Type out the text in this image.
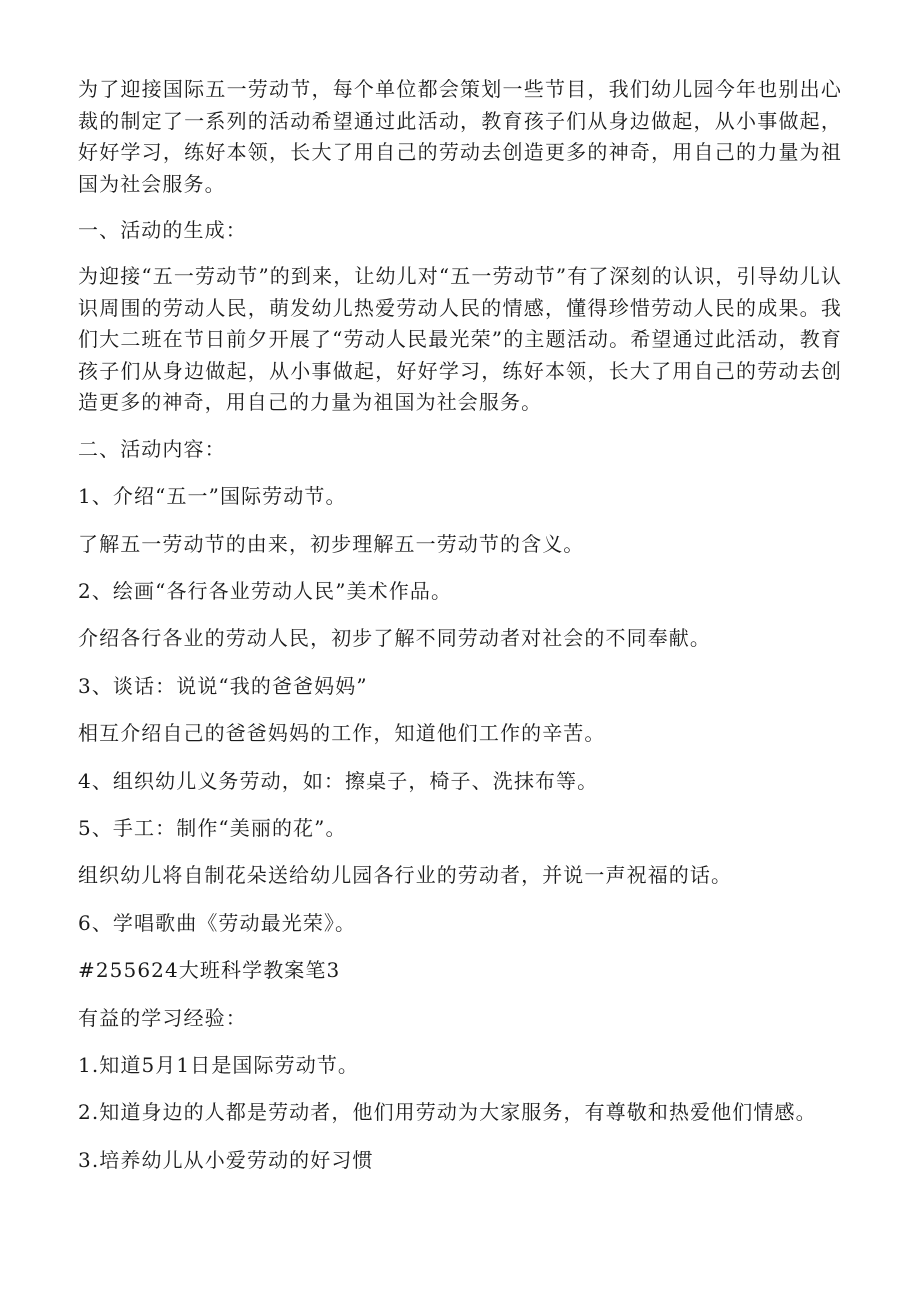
为了迎接国际五一劳动节，每个单位都会策划一些节目，我们幼儿园今年也别出心裁的制定了一系列的活动希望通过此活动，教育孩子们从身边做起，从小事做起，好好学习，练好本领，长大了用自己的劳动去创造更多的神奇，用自己的力量为祖国为社会服务。

一、活动的生成：

为迎接“五一劳动节”的到来，让幼儿对“五一劳动节”有了深刻的认识，引导幼儿认识周围的劳动人民，萌发幼儿热爱劳动人民的情感，懂得珍惜劳动人民的成果。我们大二班在节日前夕开展了“劳动人民最光荣”的主题活动。希望通过此活动，教育孩子们从身边做起，从小事做起，好好学习，练好本领，长大了用自己的劳动去创造更多的神奇，用自己的力量为祖国为社会服务。

二、活动内容：

1、介绍“五一”国际劳动节。

了解五一劳动节的由来，初步理解五一劳动节的含义。

2、绘画“各行各业劳动人民”美术作品。

介绍各行各业的劳动人民，初步了解不同劳动者对社会的不同奉献。

3、谈话：说说“我的爸爸妈妈”

相互介绍自己的爸爸妈妈的工作，知道他们工作的辛苦。

4、组织幼儿义务劳动，如：擦桌子，椅子、洗抹布等。

5、手工：制作“美丽的花”。

组织幼儿将自制花朵送给幼儿园各行业的劳动者，并说一声祝福的话。

6、学唱歌曲《劳动最光荣》。

#255624大班科学教案笔3

有益的学习经验：

1.知道5月1日是国际劳动节。

2.知道身边的人都是劳动者，他们用劳动为大家服务，有尊敬和热爱他们情感。

3.培养幼儿从小爱劳动的好习惯
